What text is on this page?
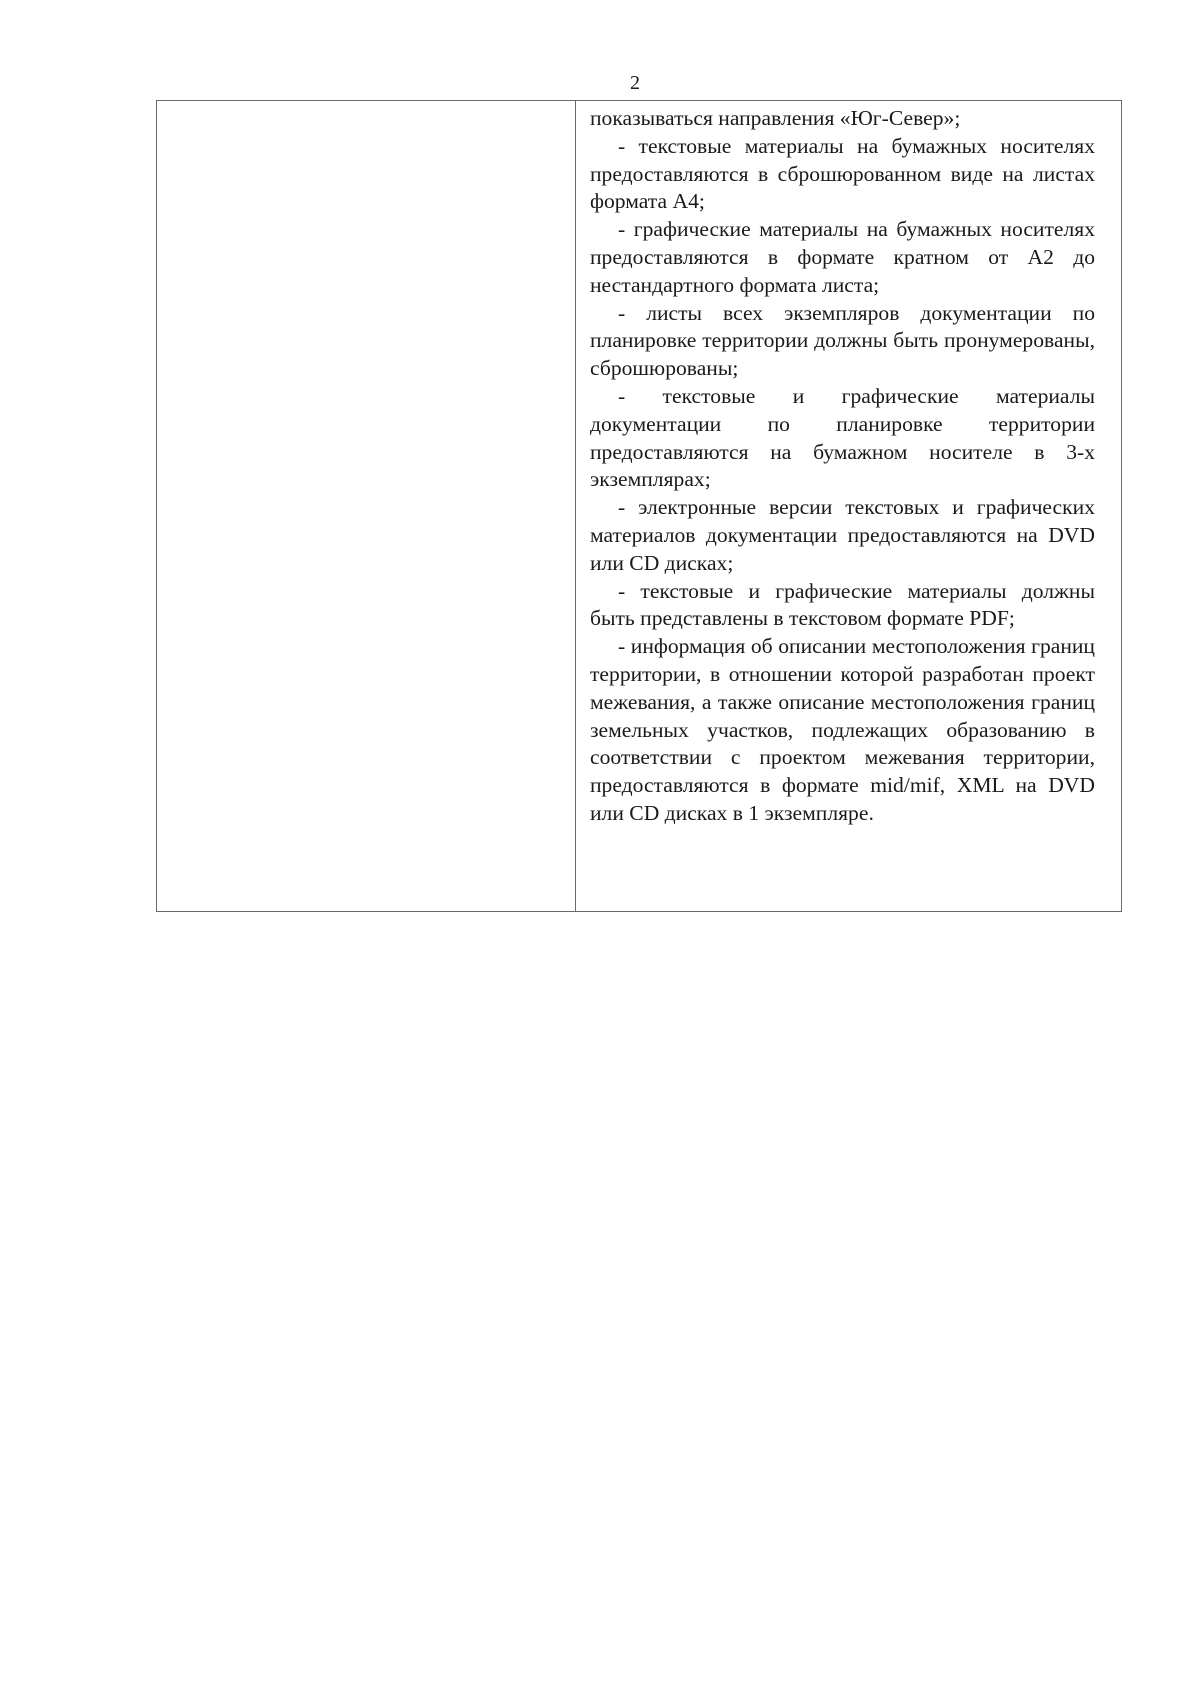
2

показываться направления «Юг-Север»;

- текстовые материалы на бумажных носителях предоставляются в сброшюрованном виде на листах формата А4;

- графические материалы на бумажных носителях предоставляются в формате кратном от А2 до нестандартного формата листа;

- листы всех экземпляров документации по планировке территории должны быть пронумерованы, сброшюрованы;

- текстовые и графические материалы документации по планировке территории предоставляются на бумажном носителе в 3-х экземплярах;

- электронные версии текстовых и графических материалов документации предоставляются на DVD или CD дисках;

- текстовые и графические материалы должны быть представлены в текстовом формате PDF;

- информация об описании местоположения границ территории, в отношении которой разработан проект межевания, а также описание местоположения границ земельных участков, подлежащих образованию в соответствии с проектом межевания территории, предоставляются в формате mid/mif, XML на DVD или CD дисках в 1 экземпляре.
